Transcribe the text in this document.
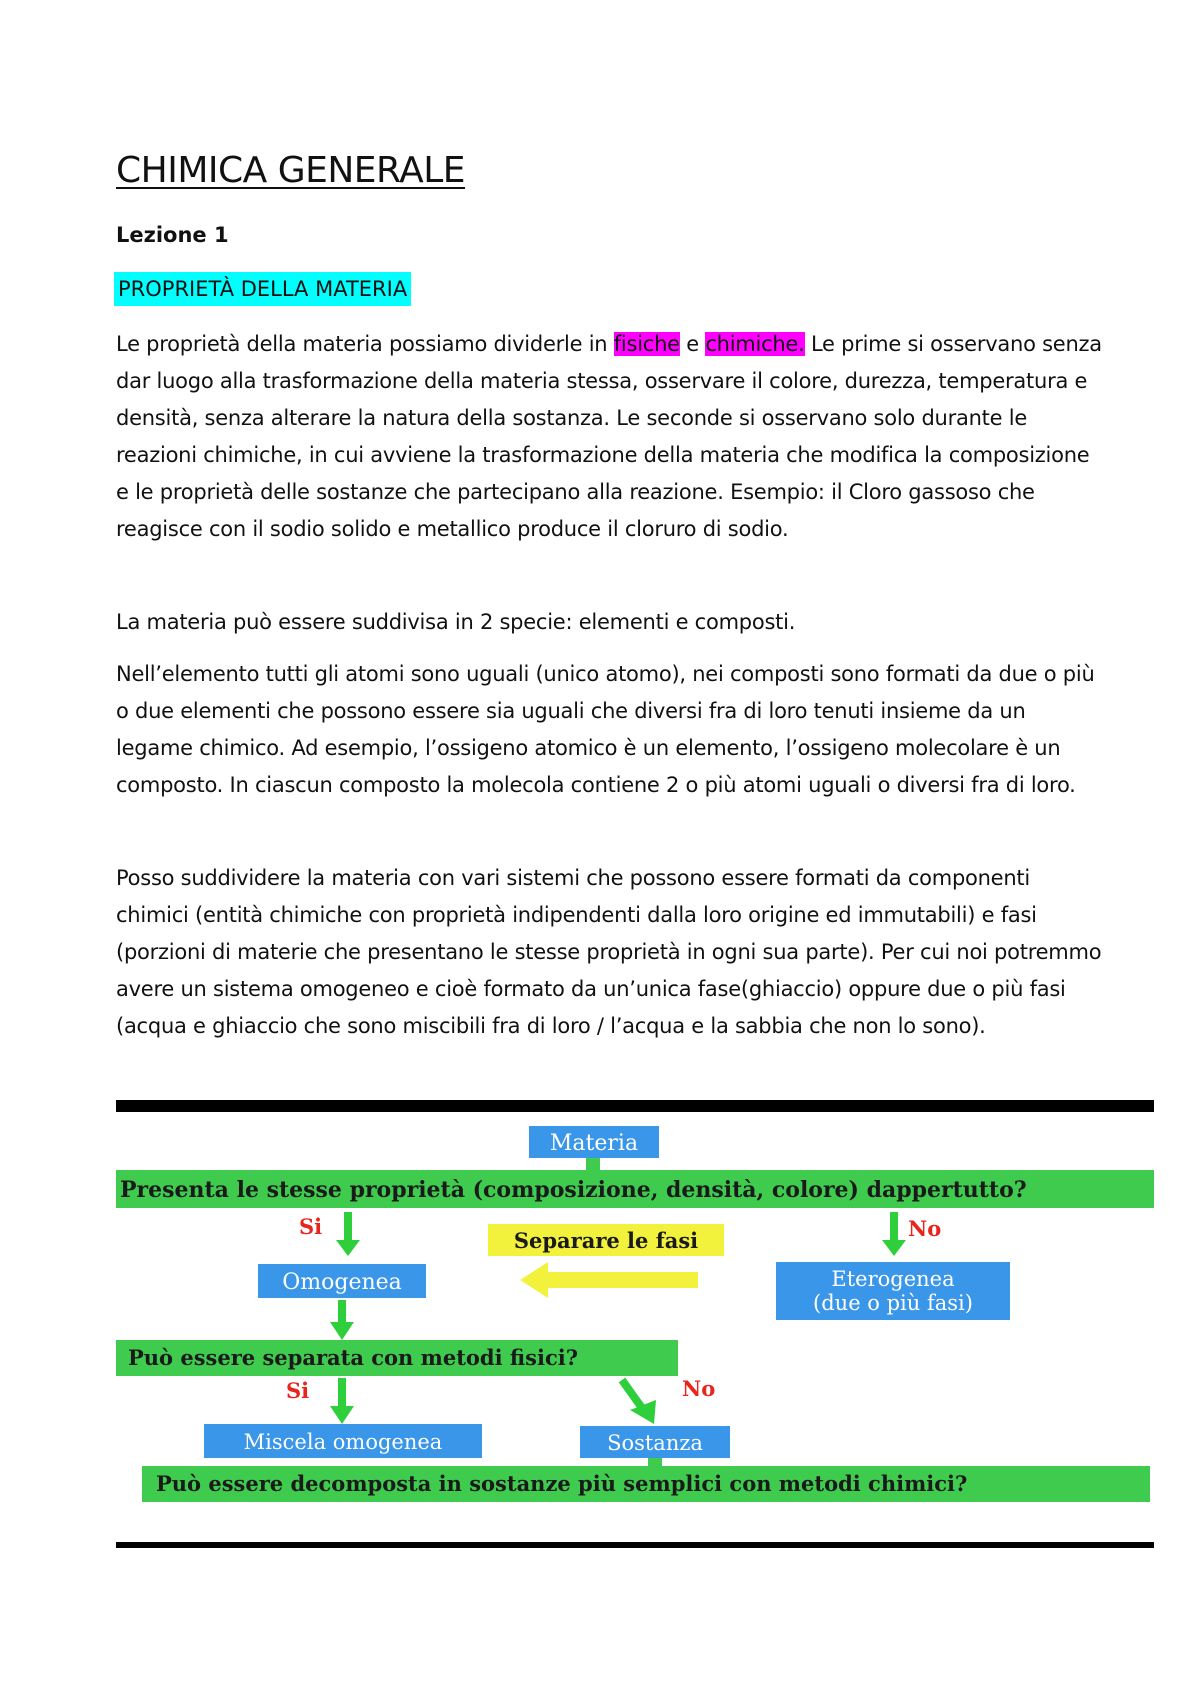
CHIMICA GENERALE

Lezione 1

PROPRIETÀ DELLA MATERIA

Le proprietà della materia possiamo dividerle in fisiche e chimiche. Le prime si osservano senza dar luogo alla trasformazione della materia stessa, osservare il colore, durezza, temperatura e densità, senza alterare la natura della sostanza. Le seconde si osservano solo durante le reazioni chimiche, in cui avviene la trasformazione della materia che modifica la composizione e le proprietà delle sostanze che partecipano alla reazione. Esempio: il Cloro gassoso che reagisce con il sodio solido e metallico produce il cloruro di sodio.

La materia può essere suddivisa in 2 specie: elementi e composti.

Nell’elemento tutti gli atomi sono uguali (unico atomo), nei composti sono formati da due o più o due elementi che possono essere sia uguali che diversi fra di loro tenuti insieme da un legame chimico. Ad esempio, l’ossigeno atomico è un elemento, l’ossigeno molecolare è un composto. In ciascun composto la molecola contiene 2 o più atomi uguali o diversi fra di loro.

Posso suddividere la materia con vari sistemi che possono essere formati da componenti chimici (entità chimiche con proprietà indipendenti dalla loro origine ed immutabili) e fasi (porzioni di materie che presentano le stesse proprietà in ogni sua parte). Per cui noi potremmo avere un sistema omogeneo e cioè formato da un’unica fase(ghiaccio) oppure due o più fasi (acqua e ghiaccio che sono miscibili fra di loro / l’acqua e la sabbia che non lo sono).

Materia
Presenta le stesse proprietà (composizione, densità, colore) dappertutto?
Si	No
Separare le fasi
Omogenea	Eterogenea
(due o più fasi)
Può essere separata con metodi fisici?
Si	No
Miscela omogenea	Sostanza
Può essere decomposta in sostanze più semplici con metodi chimici?
